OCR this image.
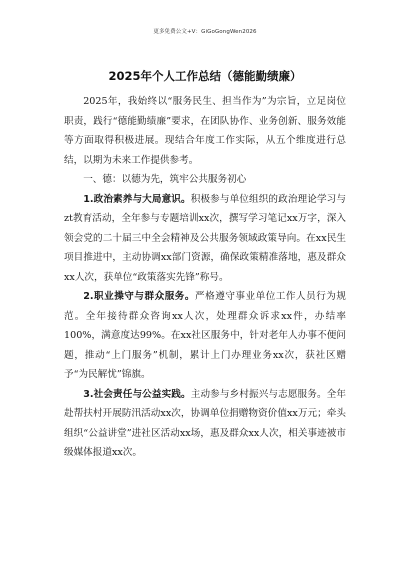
更多免费公文+V：GiGoGongWen2026
2025年个人工作总结（德能勤绩廉）

2025年，我始终以“服务民生、担当作为”为宗旨，立足岗位职责，践行“德能勤绩廉”要求，在团队协作、业务创新、服务效能等方面取得积极进展。现结合年度工作实际，从五个维度进行总结，以期为未来工作提供参考。

一、德：以德为先，筑牢公共服务初心

1.政治素养与大局意识。积极参与单位组织的政治理论学习与zt教育活动，全年参与专题培训xx次，撰写学习笔记xx万字，深入领会党的二十届三中全会精神及公共服务领域政策导向。在xx民生项目推进中，主动协调xx部门资源，确保政策精准落地，惠及群众xx人次，获单位“政策落实先锋”称号。

2.职业操守与群众服务。严格遵守事业单位工作人员行为规范。全年接待群众咨询xx人次，处理群众诉求xx件，办结率100%，满意度达99%。在xx社区服务中，针对老年人办事不便问题，推动“上门服务”机制，累计上门办理业务xx次，获社区赠予“为民解忧”锦旗。

3.社会责任与公益实践。主动参与乡村振兴与志愿服务。全年赴帮扶村开展防汛活动xx次，协调单位捐赠物资价值xx万元；牵头组织“公益讲堂”进社区活动xx场，惠及群众xx人次，相关事迹被市级媒体报道xx次。
